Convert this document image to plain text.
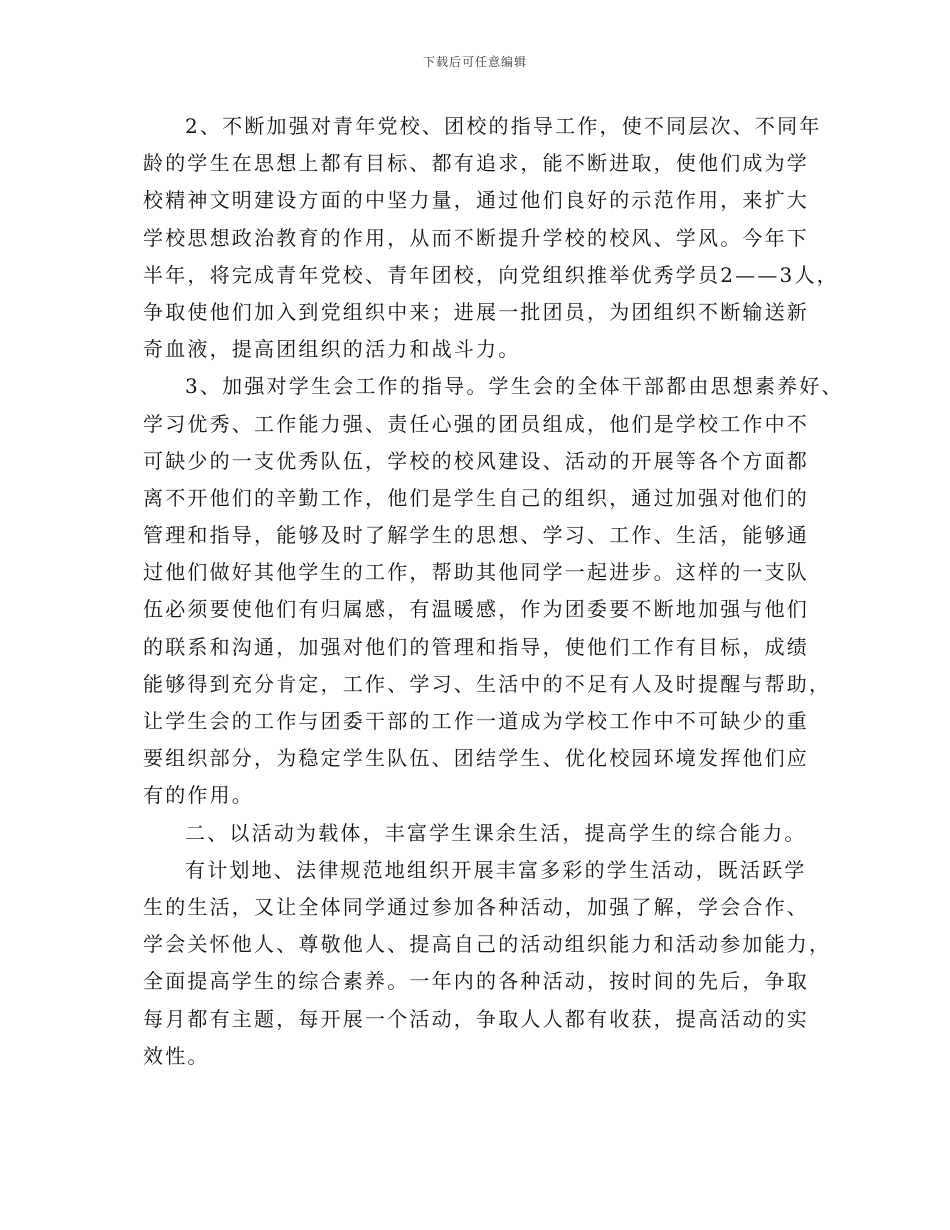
下载后可任意编辑
2、不断加强对青年党校、团校的指导工作，使不同层次、不同年
龄的学生在思想上都有目标、都有追求，能不断进取，使他们成为学
校精神文明建设方面的中坚力量，通过他们良好的示范作用，来扩大
学校思想政治教育的作用，从而不断提升学校的校风、学风。今年下
半年，将完成青年党校、青年团校，向党组织推举优秀学员2——3人，
争取使他们加入到党组织中来；进展一批团员，为团组织不断输送新
奇血液，提高团组织的活力和战斗力。
3、加强对学生会工作的指导。学生会的全体干部都由思想素养好、
学习优秀、工作能力强、责任心强的团员组成，他们是学校工作中不
可缺少的一支优秀队伍，学校的校风建设、活动的开展等各个方面都
离不开他们的辛勤工作，他们是学生自己的组织，通过加强对他们的
管理和指导，能够及时了解学生的思想、学习、工作、生活，能够通
过他们做好其他学生的工作，帮助其他同学一起进步。这样的一支队
伍必须要使他们有归属感，有温暖感，作为团委要不断地加强与他们
的联系和沟通，加强对他们的管理和指导，使他们工作有目标，成绩
能够得到充分肯定，工作、学习、生活中的不足有人及时提醒与帮助，
让学生会的工作与团委干部的工作一道成为学校工作中不可缺少的重
要组织部分，为稳定学生队伍、团结学生、优化校园环境发挥他们应
有的作用。
二、以活动为载体，丰富学生课余生活，提高学生的综合能力。
有计划地、法律规范地组织开展丰富多彩的学生活动，既活跃学
生的生活，又让全体同学通过参加各种活动，加强了解，学会合作、
学会关怀他人、尊敬他人、提高自己的活动组织能力和活动参加能力，
全面提高学生的综合素养。一年内的各种活动，按时间的先后，争取
每月都有主题，每开展一个活动，争取人人都有收获，提高活动的实
效性。
